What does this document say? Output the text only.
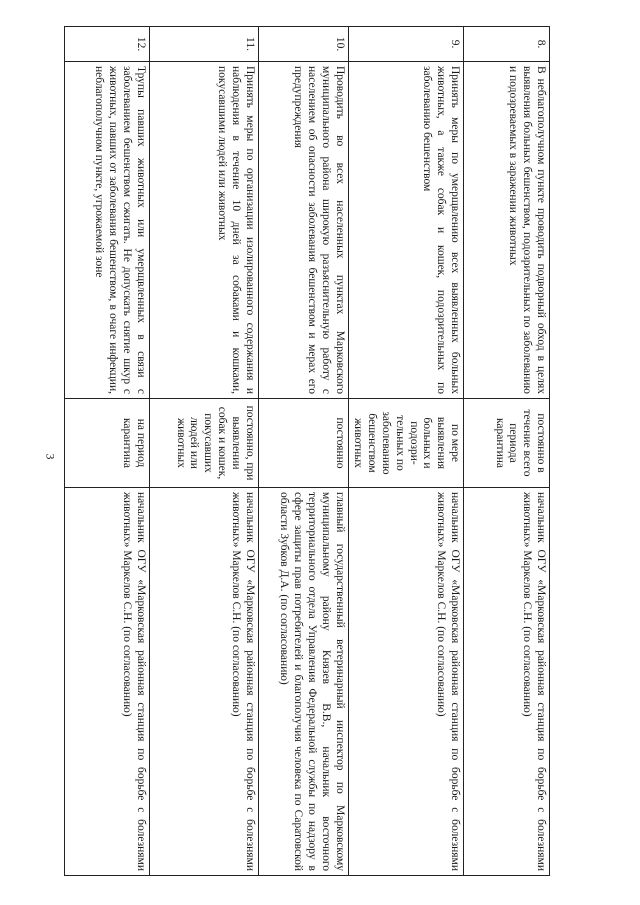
3
8.	В неблагополучном пункте проводить подворный обход в целях выявления больных бешенством, подозрительных по заболеванию и подозреваемых в заражении животных	постоянно в течение всего периода карантина	начальник ОГУ «Марковская районная станция по борьбе с болезнями животных» Маркелов С.Н. (по согласованию)
9.	Принять меры по умерщвлению всех выявленных больных животных, а также собак и кошек, подозрительных по заболеванию бешенством	по мере выявления больных и подозри-тельных по заболеванию бешенством животных	начальник ОГУ «Марковская районная станция по борьбе с болезнями животных» Маркелов С.Н. (по согласованию)
10.	Проводить во всех населенных пунктах Марковского муниципального района широкую разъяснительную работу с населением об опасности заболевания бешенством и мерах его предупреждения	постоянно	главный государственный ветеринарный инспектор по Марковскому муниципальному району Князев В.В., начальник восточного территориального отдела Управления Федеральной службы по надзору в сфере защиты прав потребителей и благополучия человека по Саратовской области Зубков Д.А. (по согласованию)
11.	Принять меры по организации изолированного содержания и наблюдения в течение 10 дней за собаками и кошками, покусавшими людей или животных	постоянно, при выявлении собак и кошек, покусавших людей или животных	начальник ОГУ «Марковская районная станция по борьбе с болезнями животных» Маркелов С.Н. (по согласованию)
12.	Трупы павших животных или умерщвленных в связи с заболеванием бешенством сжигать. Не допускать снятие шкур с животных, павших от заболевания бешенством, в очаге инфекции, неблагополучном пункте, угрожаемой зоне	на период карантина	начальник ОГУ «Марковская районная станция по борьбе с болезнями животных» Маркелов С.Н. (по согласованию)
